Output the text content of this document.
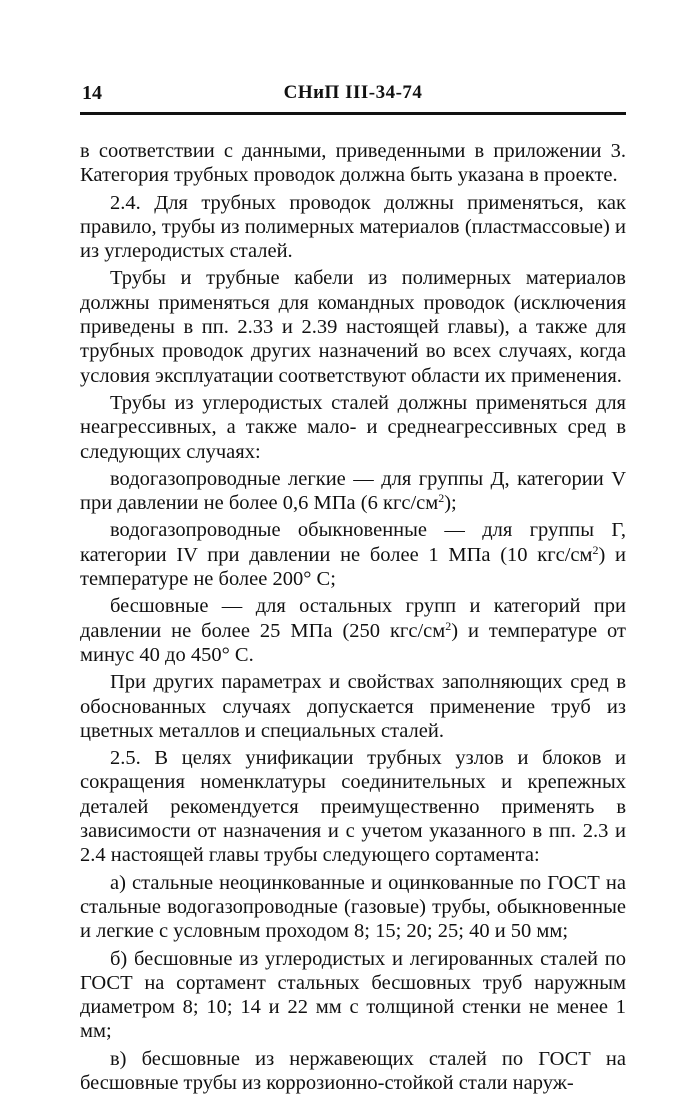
14	СНиП III-34-74

в соответствии с данными, приведенными в приложении 3. Категория трубных проводок должна быть указана в проекте.

2.4. Для трубных проводок должны применяться, как правило, трубы из полимерных материалов (пластмассовые) и из углеродистых сталей.

Трубы и трубные кабели из полимерных материалов должны применяться для командных проводок (исключения приведены в пп. 2.33 и 2.39 настоящей главы), а также для трубных проводок других назначений во всех случаях, когда условия эксплуатации соответствуют области их применения.

Трубы из углеродистых сталей должны применяться для неагрессивных, а также мало- и среднеагрессивных сред в следующих случаях:

водогазопроводные легкие — для группы Д, категории V при давлении не более 0,6 МПа (6 кгс/$см^2$);

водогазопроводные обыкновенные — для группы Г, категории IV при давлении не более 1 МПа (10 кгс/$см^2$) и температуре не более 200° С;

бесшовные — для остальных групп и категорий при давлении не более 25 МПа (250 кгс/$см^2$) и температуре от минус 40 до 450° С.

При других параметрах и свойствах заполняющих сред в обоснованных случаях допускается применение труб из цветных металлов и специальных сталей.

2.5. В целях унификации трубных узлов и блоков и сокращения номенклатуры соединительных и крепежных деталей рекомендуется преимущественно применять в зависимости от назначения и с учетом указанного в пп. 2.3 и 2.4 настоящей главы трубы следующего сортамента:

а) стальные неоцинкованные и оцинкованные по ГОСТ на стальные водогазопроводные (газовые) трубы, обыкновенные и легкие с условным проходом 8; 15; 20; 25; 40 и 50 мм;

б) бесшовные из углеродистых и легированных сталей по ГОСТ на сортамент стальных бесшовных труб наружным диаметром 8; 10; 14 и 22 мм с толщиной стенки не менее 1 мм;

в) бесшовные из нержавеющих сталей по ГОСТ на бесшовные трубы из коррозионно-стойкой стали наруж-
